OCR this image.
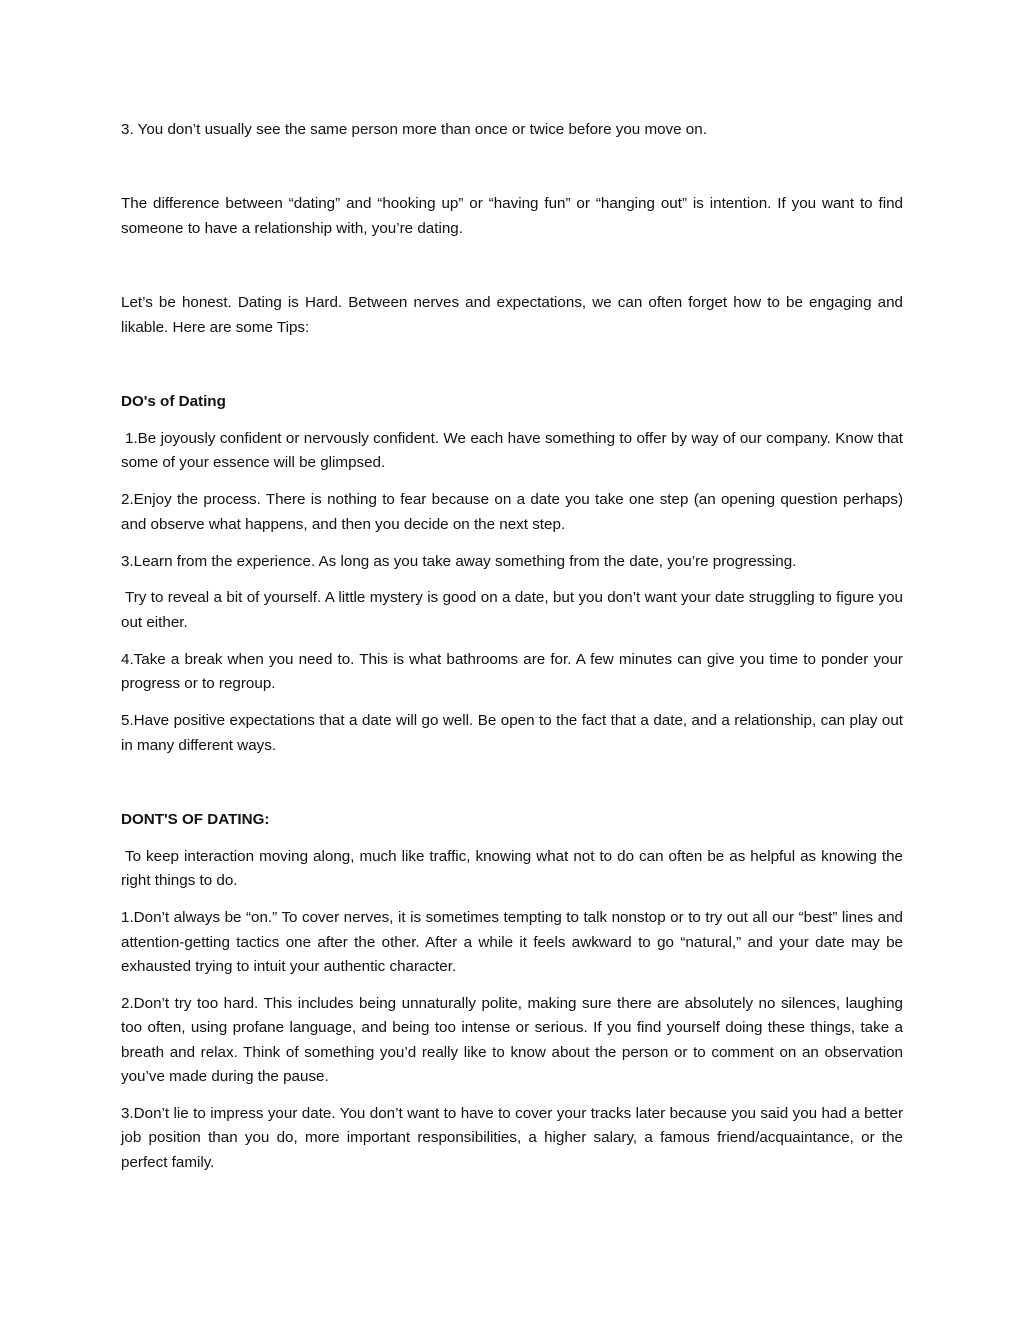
3. You don’t usually see the same person more than once or twice before you move on.

The difference between “dating” and “hooking up” or “having fun” or “hanging out” is intention. If you want to find someone to have a relationship with, you’re dating.

Let’s be honest. Dating is Hard. Between nerves and expectations, we can often forget how to be engaging and likable. Here are some Tips:

DO's of Dating

1.Be joyously confident or nervously confident. We each have something to offer by way of our company. Know that some of your essence will be glimpsed.

2.Enjoy the process. There is nothing to fear because on a date you take one step (an opening question perhaps) and observe what happens, and then you decide on the next step.

3.Learn from the experience. As long as you take away something from the date, you’re progressing.

Try to reveal a bit of yourself. A little mystery is good on a date, but you don’t want your date struggling to figure you out either.

4.Take a break when you need to. This is what bathrooms are for. A few minutes can give you time to ponder your progress or to regroup.

5.Have positive expectations that a date will go well. Be open to the fact that a date, and a relationship, can play out in many different ways.

DONT'S OF DATING:

To keep interaction moving along, much like traffic, knowing what not to do can often be as helpful as knowing the right things to do.

1.Don’t always be “on.” To cover nerves, it is sometimes tempting to talk nonstop or to try out all our “best” lines and attention-getting tactics one after the other. After a while it feels awkward to go “natural,” and your date may be exhausted trying to intuit your authentic character.

2.Don’t try too hard. This includes being unnaturally polite, making sure there are absolutely no silences, laughing too often, using profane language, and being too intense or serious. If you find yourself doing these things, take a breath and relax. Think of something you’d really like to know about the person or to comment on an observation you’ve made during the pause.

3.Don’t lie to impress your date. You don’t want to have to cover your tracks later because you said you had a better job position than you do, more important responsibilities, a higher salary, a famous friend/acquaintance, or the perfect family.
